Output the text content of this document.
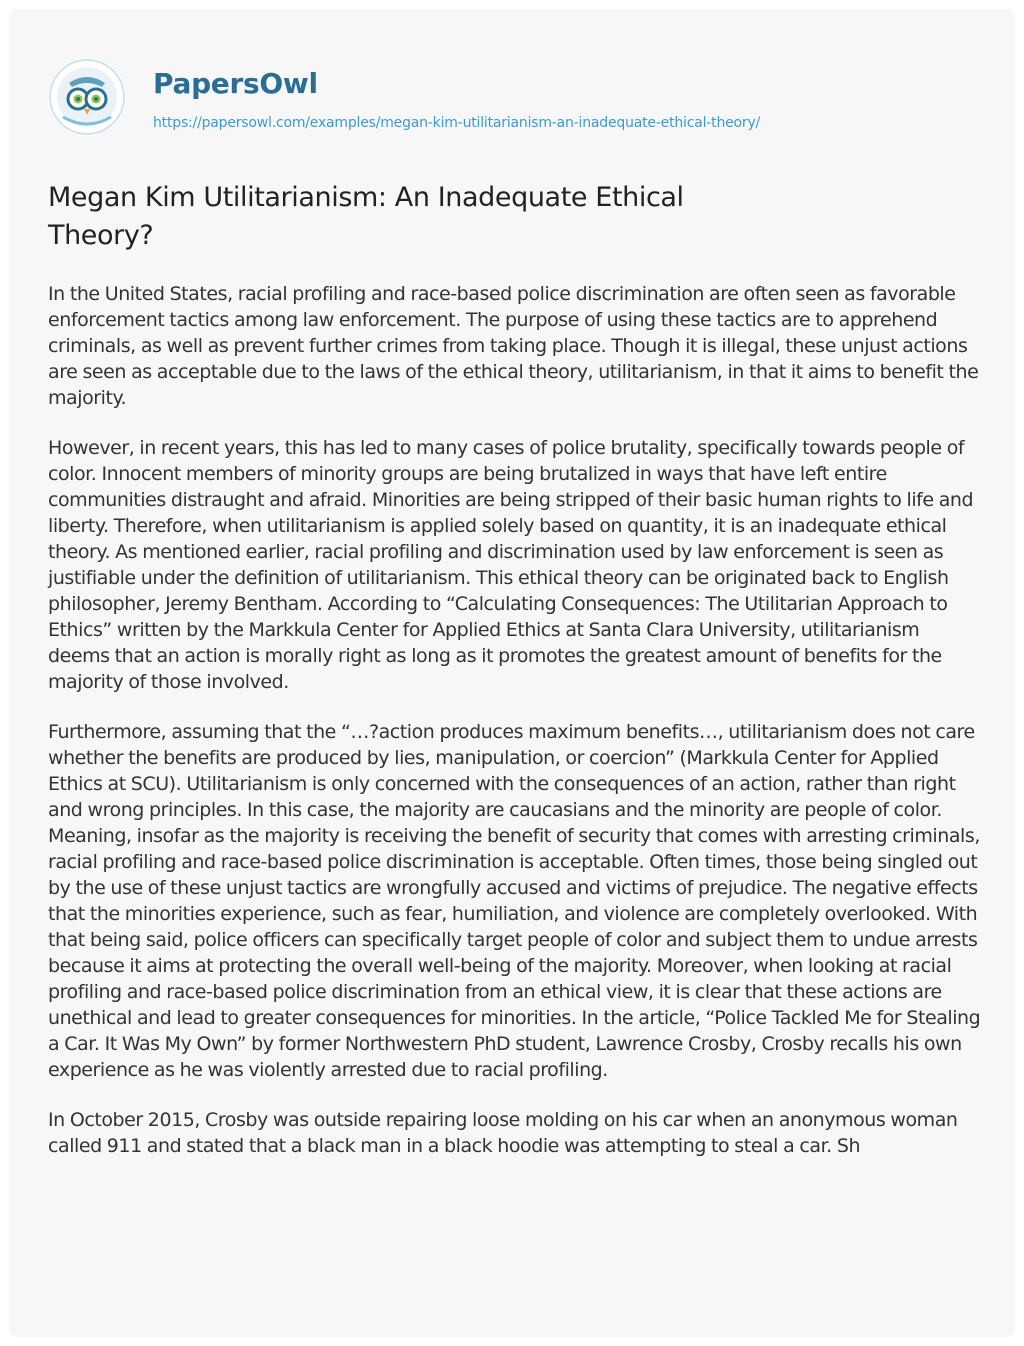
PapersOwl
https://papersowl.com/examples/megan-kim-utilitarianism-an-inadequate-ethical-theory/
Megan Kim Utilitarianism: An Inadequate Ethical Theory?

In the United States, racial profiling and race-based police discrimination are often seen as favorable enforcement tactics among law enforcement. The purpose of using these tactics are to apprehend criminals, as well as prevent further crimes from taking place. Though it is illegal, these unjust actions are seen as acceptable due to the laws of the ethical theory, utilitarianism, in that it aims to benefit the majority.

However, in recent years, this has led to many cases of police brutality, specifically towards people of color. Innocent members of minority groups are being brutalized in ways that have left entire communities distraught and afraid. Minorities are being stripped of their basic human rights to life and liberty. Therefore, when utilitarianism is applied solely based on quantity, it is an inadequate ethical theory. As mentioned earlier, racial profiling and discrimination used by law enforcement is seen as justifiable under the definition of utilitarianism. This ethical theory can be originated back to English philosopher, Jeremy Bentham. According to “Calculating Consequences: The Utilitarian Approach to Ethics” written by the Markkula Center for Applied Ethics at Santa Clara University, utilitarianism deems that an action is morally right as long as it promotes the greatest amount of benefits for the majority of those involved.

Furthermore, assuming that the “…?action produces maximum benefits…, utilitarianism does not care whether the benefits are produced by lies, manipulation, or coercion” (Markkula Center for Applied Ethics at SCU). Utilitarianism is only concerned with the consequences of an action, rather than right and wrong principles. In this case, the majority are caucasians and the minority are people of color. Meaning, insofar as the majority is receiving the benefit of security that comes with arresting criminals, racial profiling and race-based police discrimination is acceptable. Often times, those being singled out by the use of these unjust tactics are wrongfully accused and victims of prejudice. The negative effects that the minorities experience, such as fear, humiliation, and violence are completely overlooked. With that being said, police officers can specifically target people of color and subject them to undue arrests because it aims at protecting the overall well-being of the majority. Moreover, when looking at racial profiling and race-based police discrimination from an ethical view, it is clear that these actions are unethical and lead to greater consequences for minorities. In the article, “Police Tackled Me for Stealing a Car. It Was My Own” by former Northwestern PhD student, Lawrence Crosby, Crosby recalls his own experience as he was violently arrested due to racial profiling.

In October 2015, Crosby was outside repairing loose molding on his car when an anonymous woman called 911 and stated that a black man in a black hoodie was attempting to steal a car. Sh
